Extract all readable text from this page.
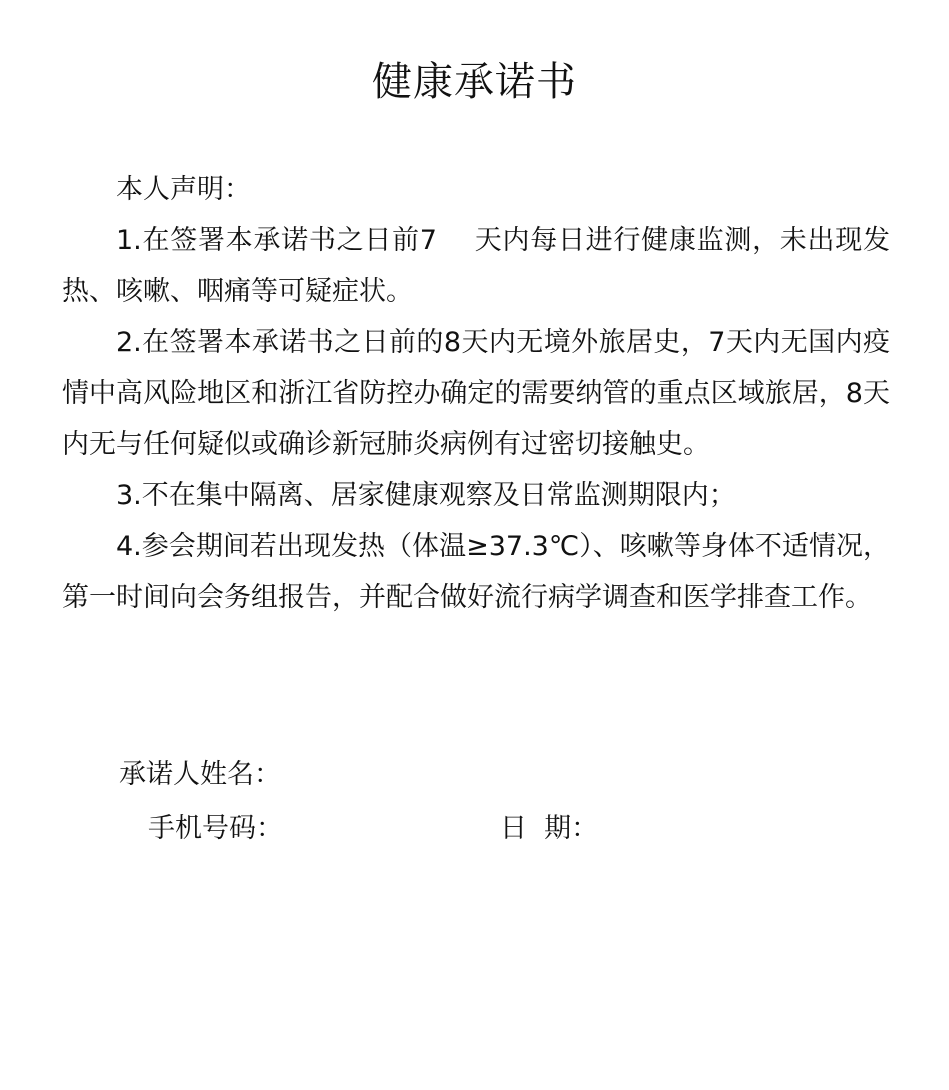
健康承诺书

本人声明：

1.在签署本承诺书之日前7　 天内每日进行健康监测，未出现发热、咳嗽、咽痛等可疑症状。

2.在签署本承诺书之日前的8天内无境外旅居史，7天内无国内疫情中高风险地区和浙江省防控办确定的需要纳管的重点区域旅居，8天内无与任何疑似或确诊新冠肺炎病例有过密切接触史。

3.不在集中隔离、居家健康观察及日常监测期限内；

4.参会期间若出现发热（体温≥37.3℃）、咳嗽等身体不适情况，第一时间向会务组报告，并配合做好流行病学调查和医学排查工作。

承诺人姓名：
手机号码：	日  期：
